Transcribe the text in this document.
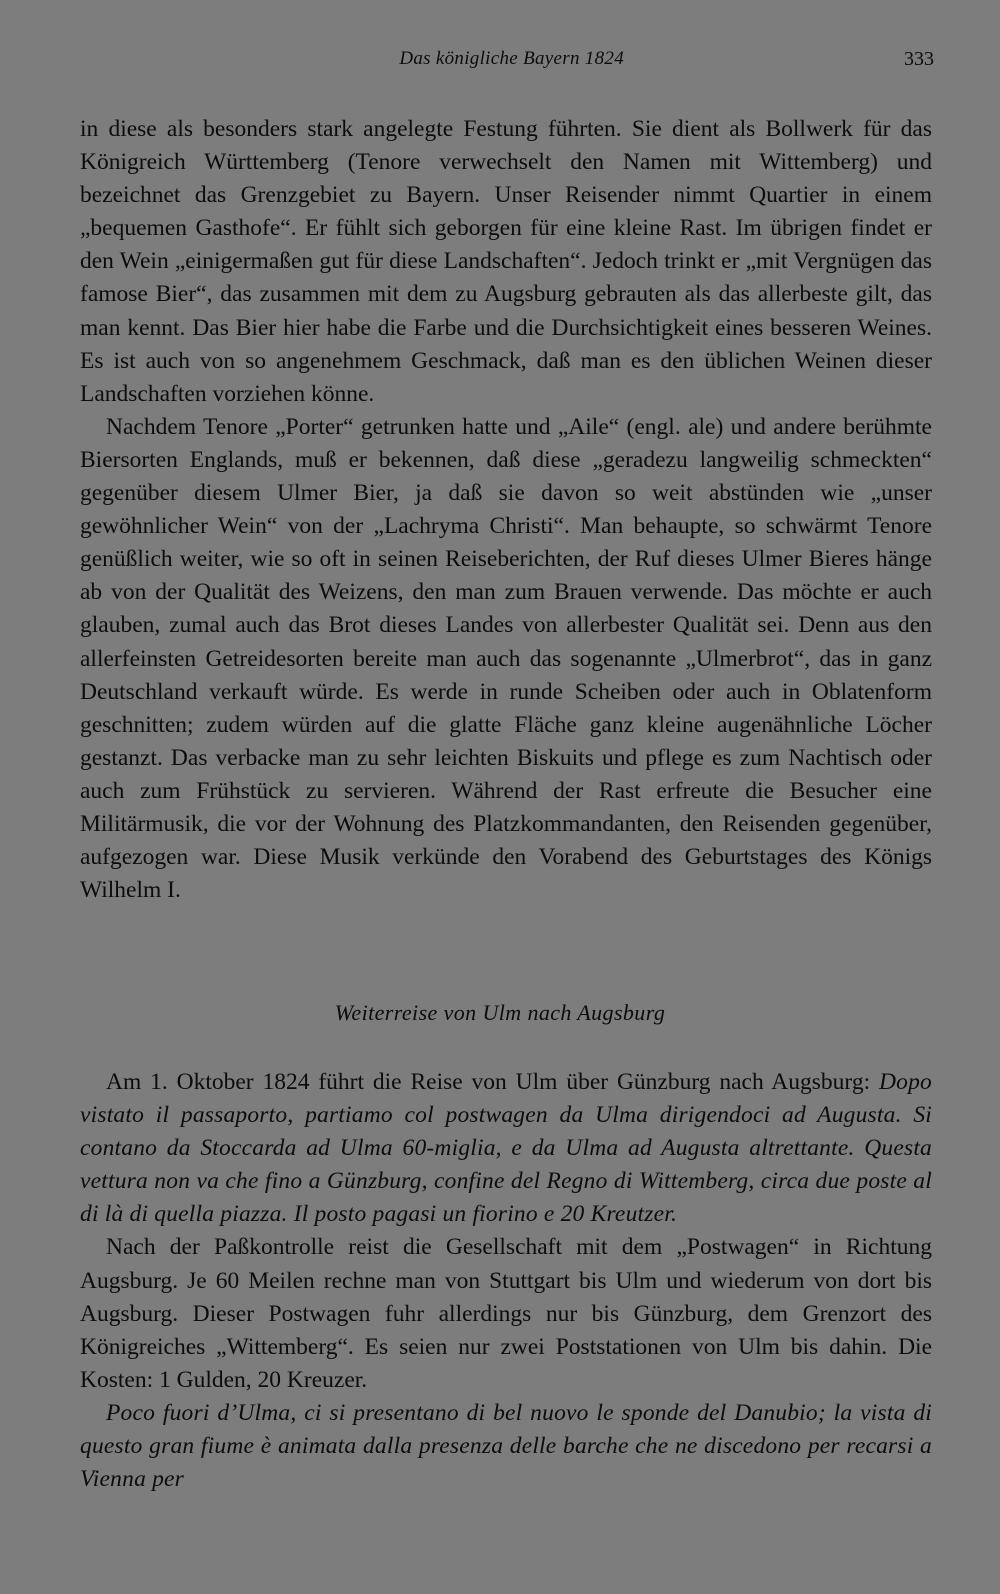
Das königliche Bayern 1824	333

in diese als besonders stark angelegte Festung führten. Sie dient als Bollwerk für das Königreich Württemberg (Tenore verwechselt den Namen mit Wittemberg) und bezeichnet das Grenzgebiet zu Bayern. Unser Reisender nimmt Quartier in einem „bequemen Gasthofe“. Er fühlt sich geborgen für eine kleine Rast. Im übrigen findet er den Wein „einigermaßen gut für diese Landschaften“. Jedoch trinkt er „mit Vergnügen das famose Bier“, das zusammen mit dem zu Augsburg gebrauten als das allerbeste gilt, das man kennt. Das Bier hier habe die Farbe und die Durchsichtigkeit eines besseren Weines. Es ist auch von so angenehmem Geschmack, daß man es den üblichen Weinen dieser Landschaften vorziehen könne.

Nachdem Tenore „Porter“ getrunken hatte und „Aile“ (engl. ale) und andere berühmte Biersorten Englands, muß er bekennen, daß diese „geradezu langweilig schmeckten“ gegenüber diesem Ulmer Bier, ja daß sie davon so weit abstünden wie „unser gewöhnlicher Wein“ von der „Lachryma Christi“. Man behaupte, so schwärmt Tenore genüßlich weiter, wie so oft in seinen Reiseberichten, der Ruf dieses Ulmer Bieres hänge ab von der Qualität des Weizens, den man zum Brauen verwende. Das möchte er auch glauben, zumal auch das Brot dieses Landes von allerbester Qualität sei. Denn aus den allerfeinsten Getreidesorten bereite man auch das sogenannte „Ulmerbrot“, das in ganz Deutschland verkauft würde. Es werde in runde Scheiben oder auch in Oblatenform geschnitten; zudem würden auf die glatte Fläche ganz kleine augenähnliche Löcher gestanzt. Das verbacke man zu sehr leichten Biskuits und pflege es zum Nachtisch oder auch zum Frühstück zu servieren. Während der Rast erfreute die Besucher eine Militärmusik, die vor der Wohnung des Platzkommandanten, den Reisenden gegenüber, aufgezogen war. Diese Musik verkünde den Vorabend des Geburtstages des Königs Wilhelm I.

Weiterreise von Ulm nach Augsburg

Am 1. Oktober 1824 führt die Reise von Ulm über Günzburg nach Augsburg: Dopo vistato il passaporto, partiamo col postwagen da Ulma dirigendoci ad Augusta. Si contano da Stoccarda ad Ulma 60-miglia, e da Ulma ad Augusta altrettante. Questa vettura non va che fino a Günzburg, confine del Regno di Wittemberg, circa due poste al di là di quella piazza. Il posto pagasi un fiorino e 20 Kreutzer.

Nach der Paßkontrolle reist die Gesellschaft mit dem „Postwagen“ in Richtung Augsburg. Je 60 Meilen rechne man von Stuttgart bis Ulm und wiederum von dort bis Augsburg. Dieser Postwagen fuhr allerdings nur bis Günzburg, dem Grenzort des Königreiches „Wittemberg“. Es seien nur zwei Poststationen von Ulm bis dahin. Die Kosten: 1 Gulden, 20 Kreuzer.

Poco fuori d’Ulma, ci si presentano di bel nuovo le sponde del Danubio; la vista di questo gran fiume è animata dalla presenza delle barche che ne discedono per recarsi a Vienna per
